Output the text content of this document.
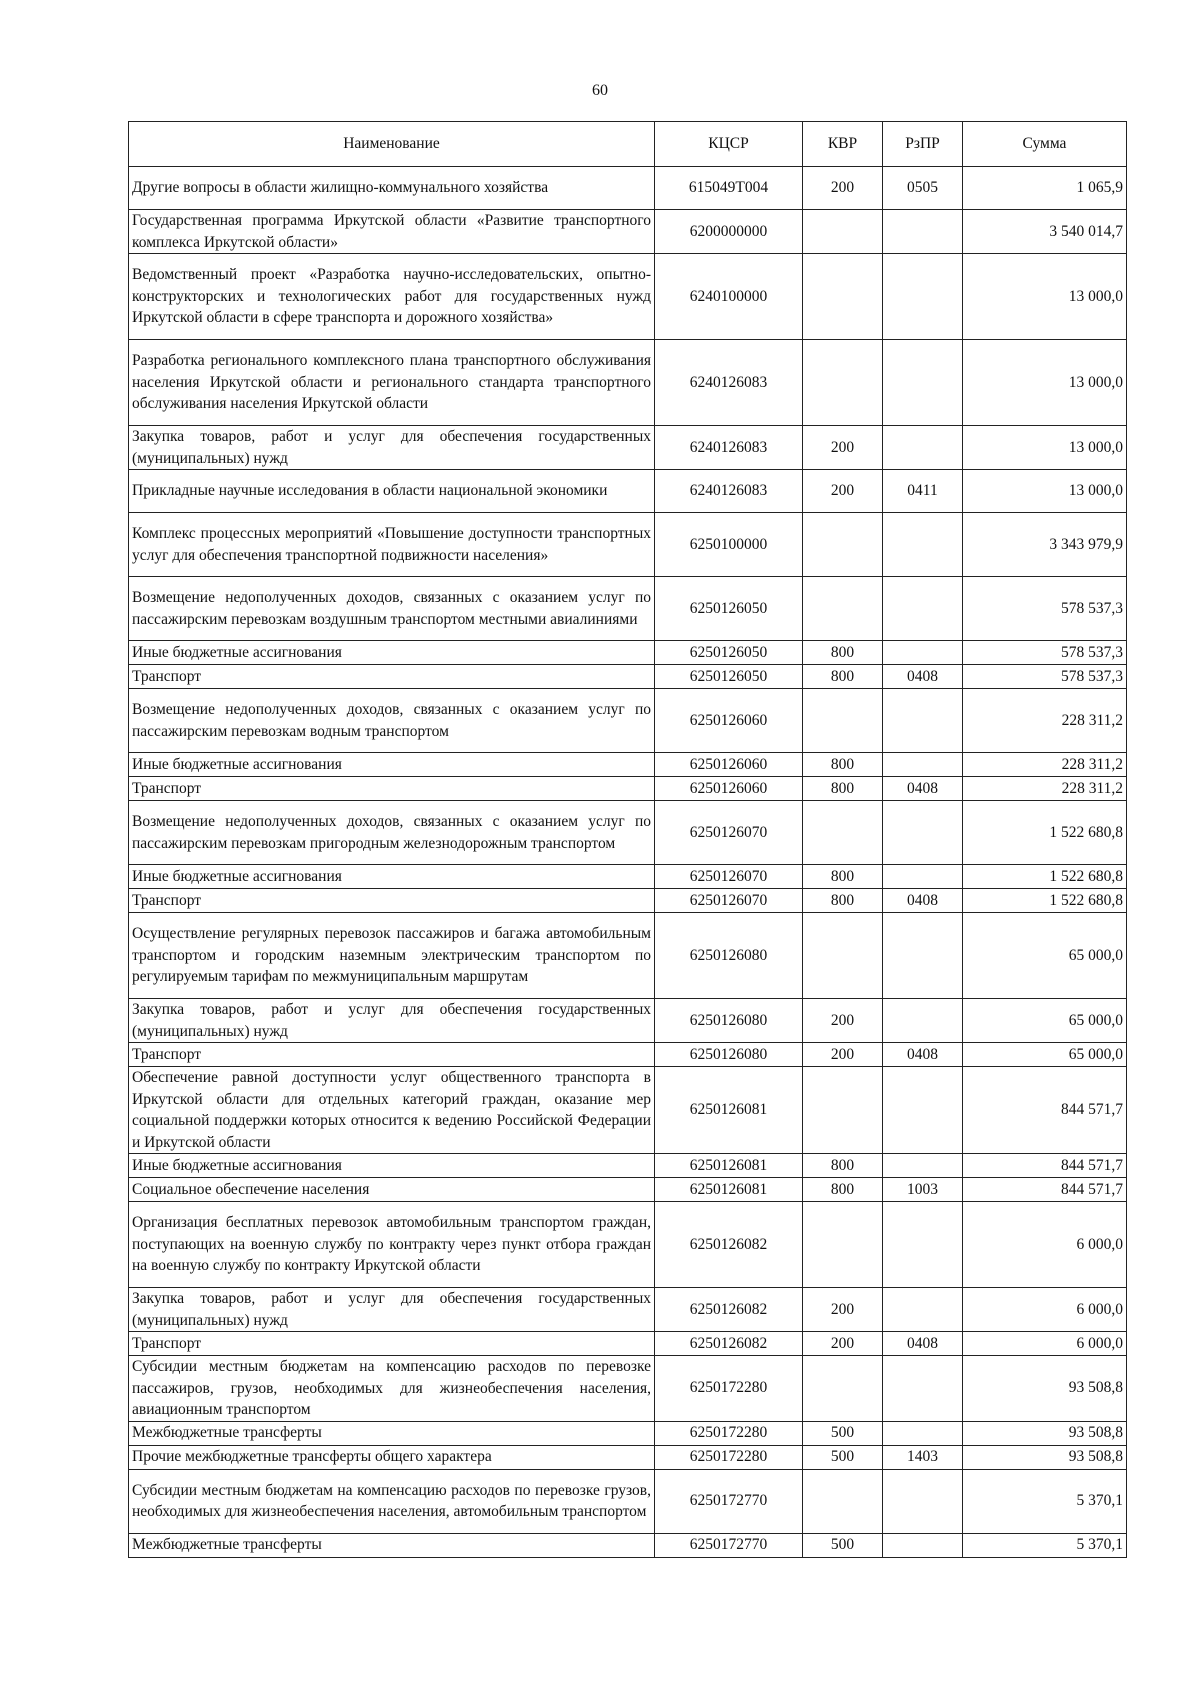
60
Наименование	КЦСР	КВР	РзПР	Сумма
Другие вопросы в области жилищно-коммунального хозяйства	615049T004	200	0505	1 065,9
Государственная программа Иркутской области «Развитие транспортного комплекса Иркутской области»	6200000000			3 540 014,7
Ведомственный проект «Разработка научно-исследовательских, опытно-конструкторских и технологических работ для государственных нужд Иркутской области в сфере транспорта и дорожного хозяйства»	6240100000			13 000,0
Разработка регионального комплексного плана транспортного обслуживания населения Иркутской области и регионального стандарта транспортного обслуживания населения Иркутской области	6240126083			13 000,0
Закупка товаров, работ и услуг для обеспечения государственных (муниципальных) нужд	6240126083	200		13 000,0
Прикладные научные исследования в области национальной экономики	6240126083	200	0411	13 000,0
Комплекс процессных мероприятий «Повышение доступности транспортных услуг для обеспечения транспортной подвижности населения»	6250100000			3 343 979,9
Возмещение недополученных доходов, связанных с оказанием услуг по пассажирским перевозкам воздушным транспортом местными авиалиниями	6250126050			578 537,3
Иные бюджетные ассигнования	6250126050	800		578 537,3
Транспорт	6250126050	800	0408	578 537,3
Возмещение недополученных доходов, связанных с оказанием услуг по пассажирским перевозкам водным транспортом	6250126060			228 311,2
Иные бюджетные ассигнования	6250126060	800		228 311,2
Транспорт	6250126060	800	0408	228 311,2
Возмещение недополученных доходов, связанных с оказанием услуг по пассажирским перевозкам пригородным железнодорожным транспортом	6250126070			1 522 680,8
Иные бюджетные ассигнования	6250126070	800		1 522 680,8
Транспорт	6250126070	800	0408	1 522 680,8
Осуществление регулярных перевозок пассажиров и багажа автомобильным транспортом и городским наземным электрическим транспортом по регулируемым тарифам по межмуниципальным маршрутам	6250126080			65 000,0
Закупка товаров, работ и услуг для обеспечения государственных (муниципальных) нужд	6250126080	200		65 000,0
Транспорт	6250126080	200	0408	65 000,0
Обеспечение равной доступности услуг общественного транспорта в Иркутской области для отдельных категорий граждан, оказание мер социальной поддержки которых относится к ведению Российской Федерации и Иркутской области	6250126081			844 571,7
Иные бюджетные ассигнования	6250126081	800		844 571,7
Социальное обеспечение населения	6250126081	800	1003	844 571,7
Организация бесплатных перевозок автомобильным транспортом граждан, поступающих на военную службу по контракту через пункт отбора граждан на военную службу по контракту Иркутской области	6250126082			6 000,0
Закупка товаров, работ и услуг для обеспечения государственных (муниципальных) нужд	6250126082	200		6 000,0
Транспорт	6250126082	200	0408	6 000,0
Субсидии местным бюджетам на компенсацию расходов по перевозке пассажиров, грузов, необходимых для жизнеобеспечения населения, авиационным транспортом	6250172280			93 508,8
Межбюджетные трансферты	6250172280	500		93 508,8
Прочие межбюджетные трансферты общего характера	6250172280	500	1403	93 508,8
Субсидии местным бюджетам на компенсацию расходов по перевозке грузов, необходимых для жизнеобеспечения населения, автомобильным транспортом	6250172770			5 370,1
Межбюджетные трансферты	6250172770	500		5 370,1
